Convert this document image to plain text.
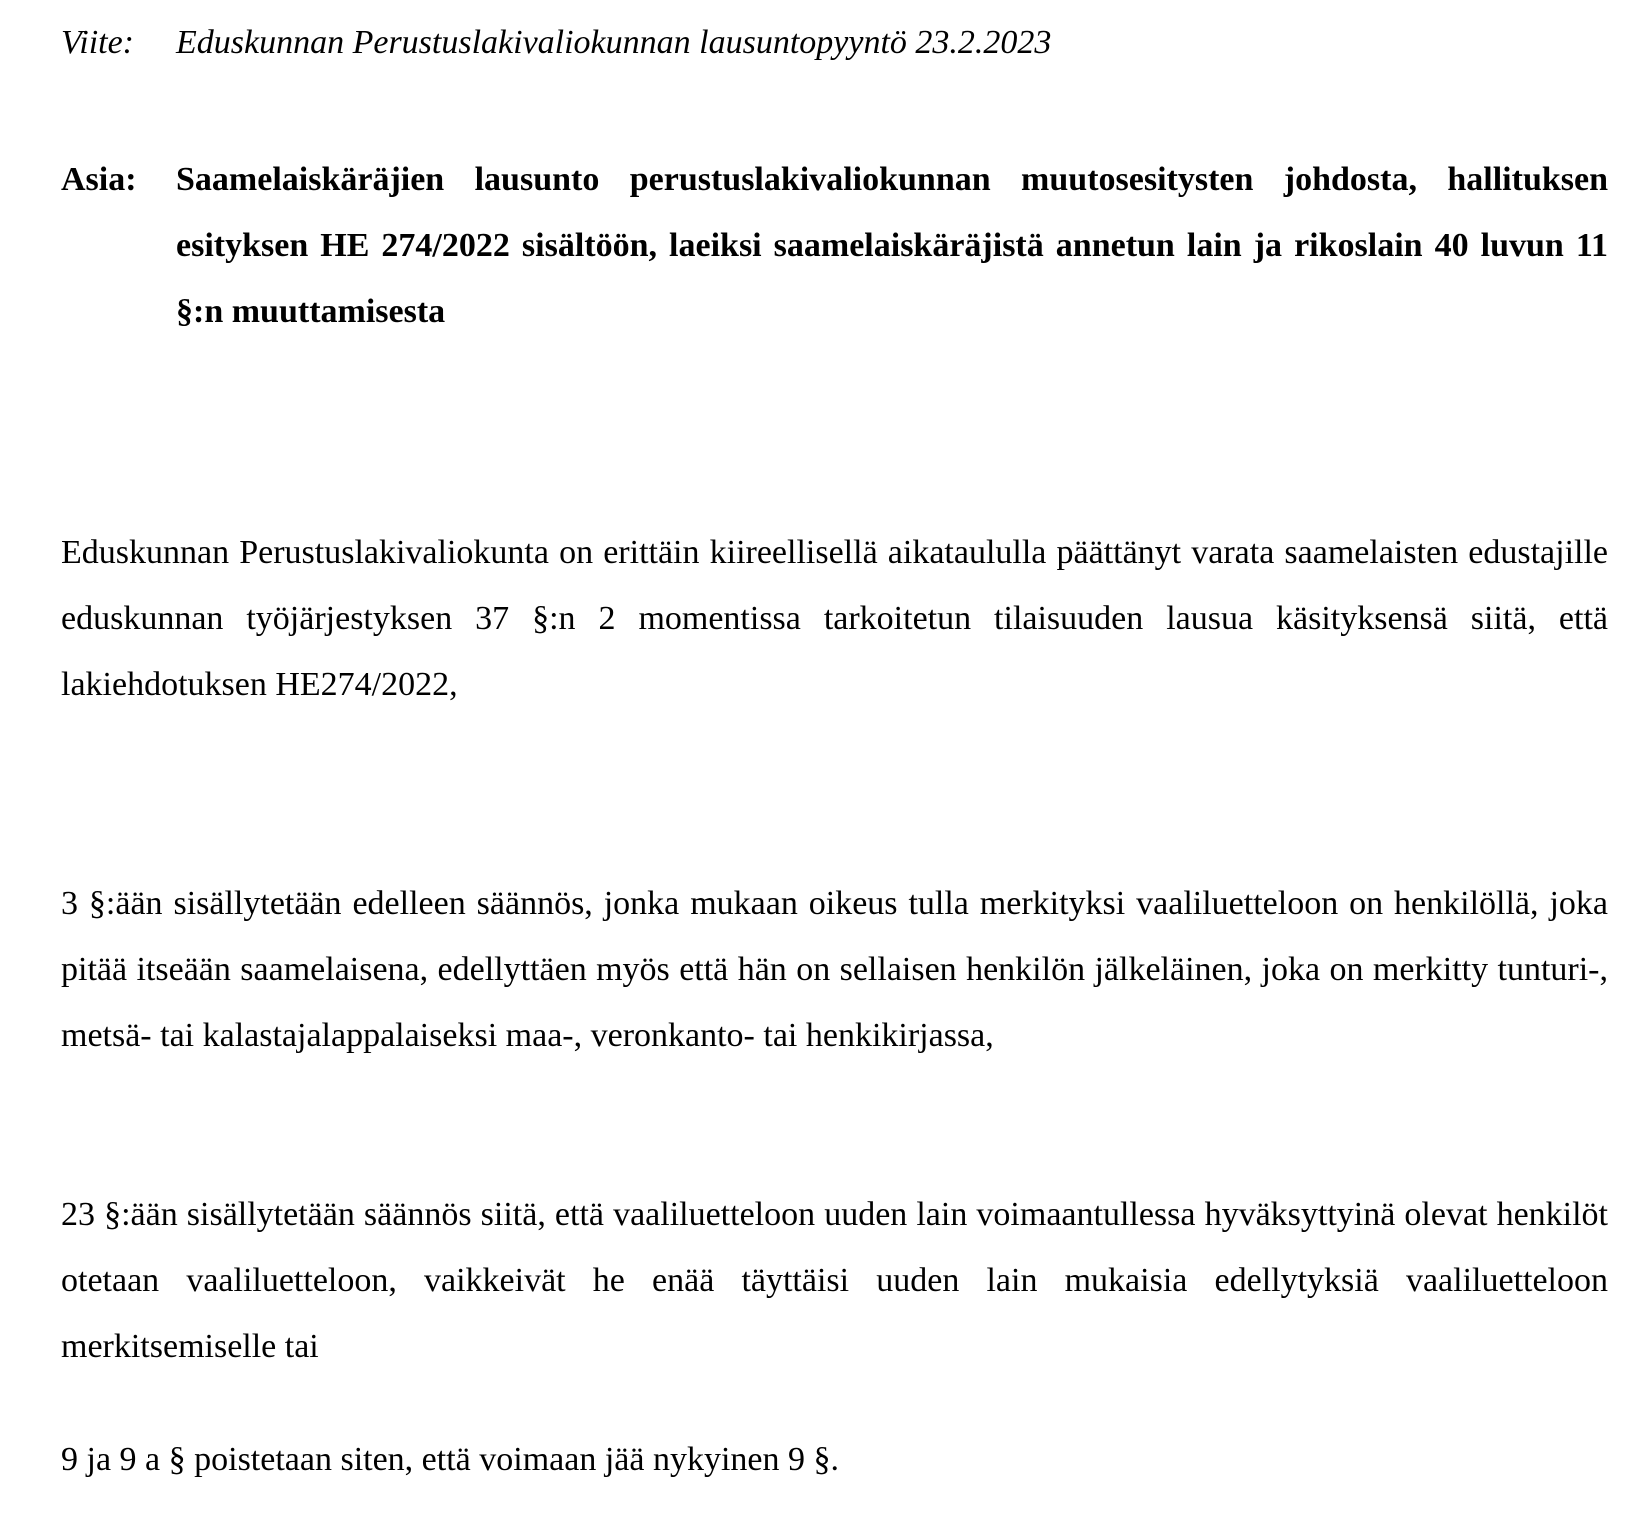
Viite: Eduskunnan Perustuslakivaliokunnan lausuntopyyntö 23.2.2023
Asia: Saamelaiskäräjien lausunto perustuslakivaliokunnan muutosesitysten johdosta, hallituksen esityksen HE 274/2022 sisältöön, laeiksi saamelaiskäräjistä annetun lain ja rikoslain 40 luvun 11 §:n muuttamisesta

Eduskunnan Perustuslakivaliokunta on erittäin kiireellisellä aikataululla päättänyt varata saamelaisten edustajille eduskunnan työjärjestyksen 37 §:n 2 momentissa tarkoitetun tilaisuuden lausua käsityksensä siitä, että lakiehdotuksen HE274/2022,

3 §:ään sisällytetään edelleen säännös, jonka mukaan oikeus tulla merkityksi vaaliluetteloon on henkilöllä, joka pitää itseään saamelaisena, edellyttäen myös että hän on sellaisen henkilön jälkeläinen, joka on merkitty tunturi-, metsä- tai kalastajalappalaiseksi maa-, veronkanto- tai henkikirjassa,

23 §:ään sisällytetään säännös siitä, että vaaliluetteloon uuden lain voimaantullessa hyväksyttyinä olevat henkilöt otetaan vaaliluetteloon, vaikkeivät he enää täyttäisi uuden lain mukaisia edellytyksiä vaaliluetteloon merkitsemiselle tai

9 ja 9 a § poistetaan siten, että voimaan jää nykyinen 9 §.
